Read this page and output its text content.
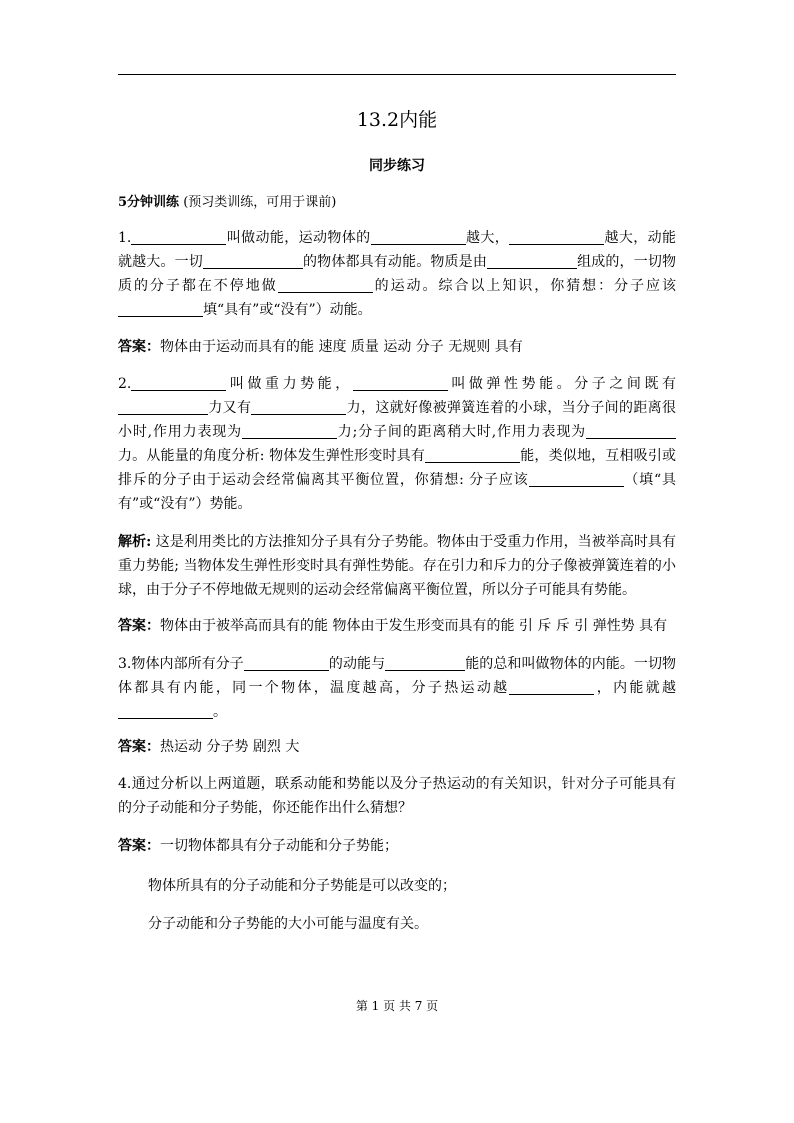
13.2内能
同步练习
5分钟训练 (预习类训练，可用于课前)

1.	叫做动能，运动物体的	越大，	越大，动能就越大。一切	的物体都具有动能。物质是由	组成的，一切物质的分子都在不停地做	的运动。综合以上知识，你猜想：分子应该填“具有”或“没有”）动能。

答案：物体由于运动而具有的能 速度 质量 运动 分子 无规则 具有

2.	叫做重力势能，	叫做弹性势能。分子之间既有力又有	力，这就好像被弹簧连着的小球，当分子间的距离很小时,作用力表现为	力;分子间的距离稍大时,作用力表现为力。从能量的角度分析: 物体发生弹性形变时具有	能，类似地，互相吸引或排斥的分子由于运动会经常偏离其平衡位置，你猜想: 分子应该	（填“具有”或“没有”）势能。

解析: 这是利用类比的方法推知分子具有分子势能。物体由于受重力作用，当被举高时具有重力势能; 当物体发生弹性形变时具有弹性势能。存在引力和斥力的分子像被弹簧连着的小球，由于分子不停地做无规则的运动会经常偏离平衡位置，所以分子可能具有势能。

答案：物体由于被举高而具有的能 物体由于发生形变而具有的能 引 斥 斥 引 弹性势 具有

3.物体内部所有分子	的动能与	能的总和叫做物体的内能。一切物体都具有内能，同一个物体，温度越高，分子热运动越	，内能就越。

答案：热运动 分子势 剧烈 大

4.通过分析以上两道题，联系动能和势能以及分子热运动的有关知识，针对分子可能具有的分子动能和分子势能，你还能作出什么猜想？

答案：一切物体都具有分子动能和分子势能；

物体所具有的分子动能和分子势能是可以改变的；
分子动能和分子势能的大小可能与温度有关。
第 1 页 共 7 页
